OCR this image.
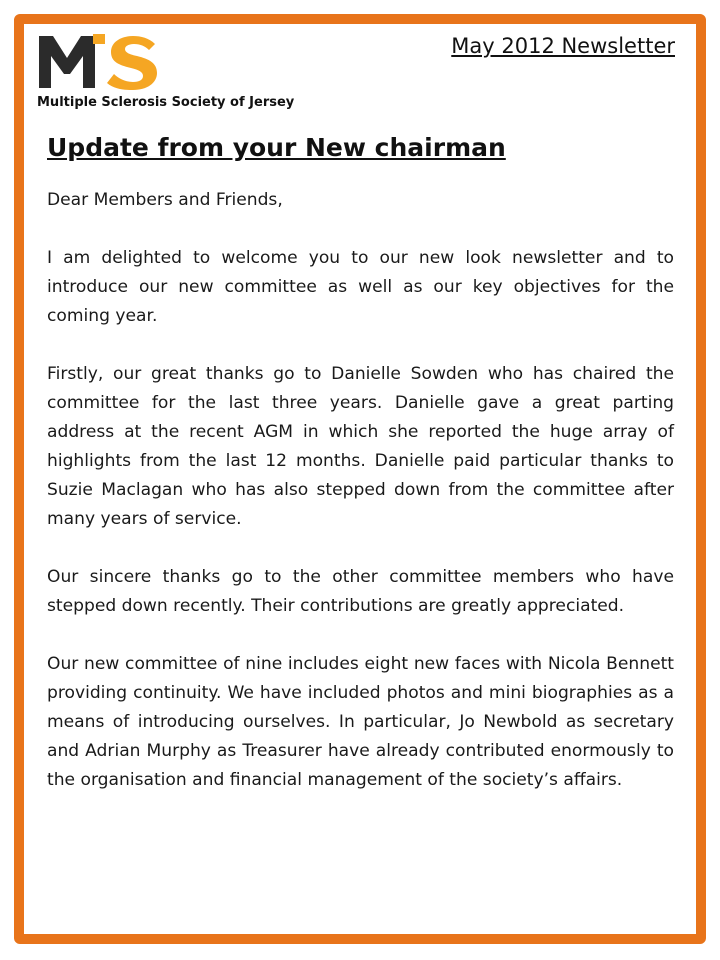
Multiple Sclerosis Society of Jersey
May 2012 Newsletter
Update from your New chairman

Dear Members and Friends,

I am delighted to welcome you to our new look newsletter and to introduce our new committee as well as our key objectives for the coming year.

Firstly, our great thanks go to Danielle Sowden who has chaired the committee for the last three years. Danielle gave a great parting address at the recent AGM in which she reported the huge array of highlights from the last 12 months. Danielle paid particular thanks to Suzie Maclagan who has also stepped down from the committee after many years of service.

Our sincere thanks go to the other committee members who have stepped down recently. Their contributions are greatly appreciated.

Our new committee of nine includes eight new faces with Nicola Bennett providing continuity. We have included photos and mini biographies as a means of introducing ourselves. In particular, Jo Newbold as secretary and Adrian Murphy as Treasurer have already contributed enormously to the organisation and financial management of the society’s affairs.
